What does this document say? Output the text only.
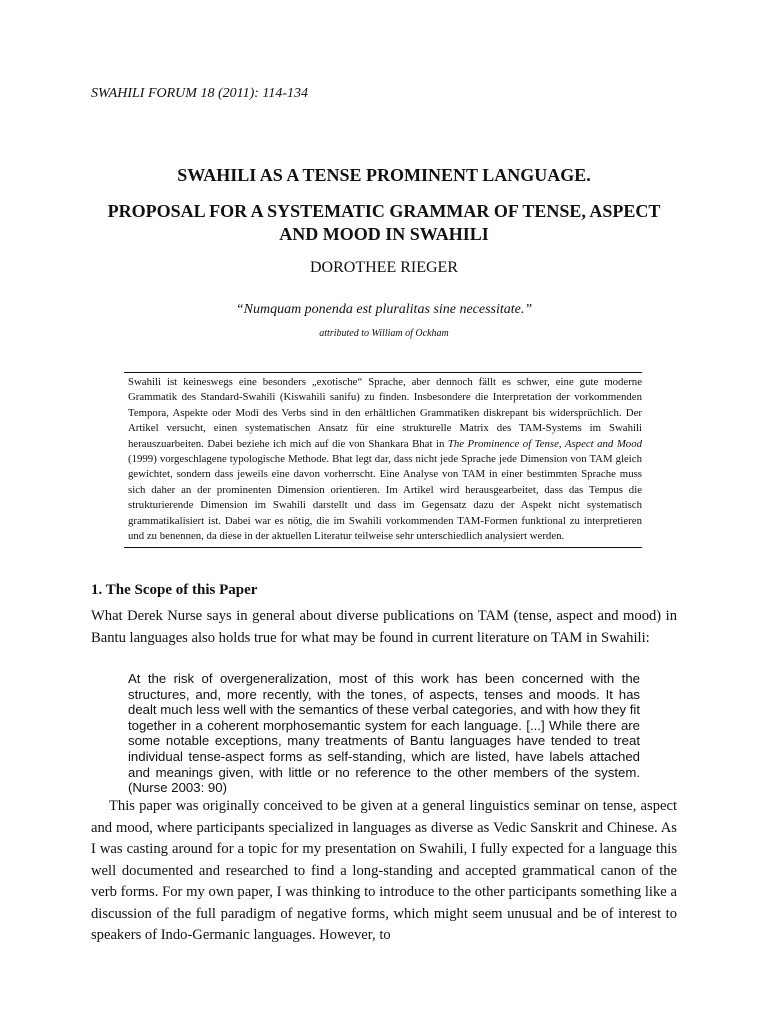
SWAHILI FORUM 18 (2011): 114-134
SWAHILI AS A TENSE PROMINENT LANGUAGE.
PROPOSAL FOR A SYSTEMATIC GRAMMAR OF TENSE, ASPECT AND MOOD IN SWAHILI
DOROTHEE RIEGER
“Numquam ponenda est pluralitas sine necessitate.”
attributed to William of Ockham
Swahili ist keineswegs eine besonders „exotische“ Sprache, aber dennoch fällt es schwer, eine gute moderne Grammatik des Standard-Swahili (Kiswahili sanifu) zu finden. Insbesondere die Interpretation der vorkommenden Tempora, Aspekte oder Modi des Verbs sind in den erhältlichen Grammatiken diskrepant bis widersprüchlich. Der Artikel versucht, einen systematischen Ansatz für eine strukturelle Matrix des TAM-Systems im Swahili herauszuarbeiten. Dabei beziehe ich mich auf die von Shankara Bhat in The Prominence of Tense, Aspect and Mood (1999) vorgeschlagene typologische Methode. Bhat legt dar, dass nicht jede Sprache jede Dimension von TAM gleich gewichtet, sondern dass jeweils eine davon vorherrscht. Eine Analyse von TAM in einer bestimmten Sprache muss sich daher an der prominenten Dimension orientieren. Im Artikel wird herausgearbeitet, dass das Tempus die strukturierende Dimension im Swahili darstellt und dass im Gegensatz dazu der Aspekt nicht systematisch grammatikalisiert ist. Dabei war es nötig, die im Swahili vorkommenden TAM-Formen funktional zu interpretieren und zu benennen, da diese in der aktuellen Literatur teilweise sehr unterschiedlich analysiert werden.
1. The Scope of this Paper

What Derek Nurse says in general about diverse publications on TAM (tense, aspect and mood) in Bantu languages also holds true for what may be found in current literature on TAM in Swahili:

At the risk of overgeneralization, most of this work has been concerned with the structures, and, more recently, with the tones, of aspects, tenses and moods. It has dealt much less well with the semantics of these verbal categories, and with how they fit together in a coherent morphosemantic system for each language. [...] While there are some notable exceptions, many treatments of Bantu languages have tended to treat individual tense-aspect forms as self-standing, which are listed, have labels attached and meanings given, with little or no reference to the other members of the system. (Nurse 2003: 90)

This paper was originally conceived to be given at a general linguistics seminar on tense, aspect and mood, where participants specialized in languages as diverse as Vedic Sanskrit and Chinese. As I was casting around for a topic for my presentation on Swahili, I fully expected for a language this well documented and researched to find a long-standing and accepted grammatical canon of the verb forms. For my own paper, I was thinking to introduce to the other participants something like a discussion of the full paradigm of negative forms, which might seem unusual and be of interest to speakers of Indo-Germanic languages. However, to
